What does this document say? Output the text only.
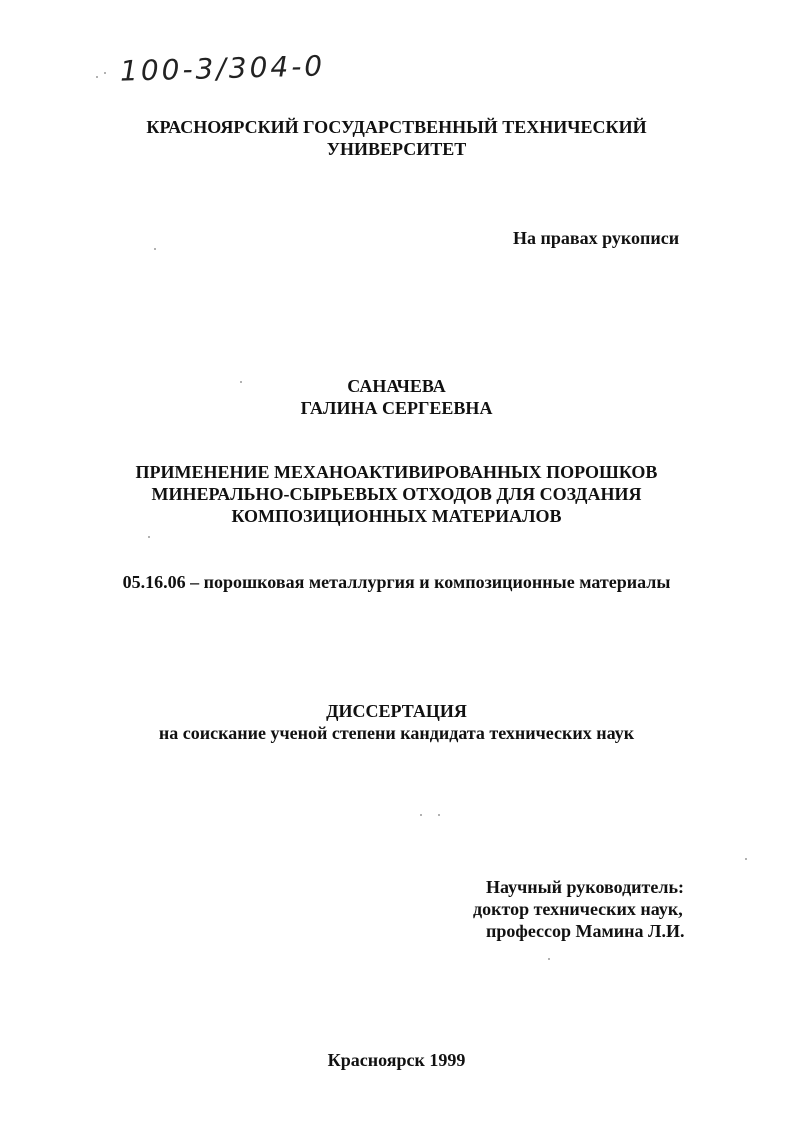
100-3/304-0
КРАСНОЯРСКИЙ ГОСУДАРСТВЕННЫЙ ТЕХНИЧЕСКИЙ
УНИВЕРСИТЕТ
На правах рукописи
САНАЧЕВА
ГАЛИНА СЕРГЕЕВНА
ПРИМЕНЕНИЕ МЕХАНОАКТИВИРОВАННЫХ ПОРОШКОВ
МИНЕРАЛЬНО-СЫРЬЕВЫХ ОТХОДОВ ДЛЯ СОЗДАНИЯ
КОМПОЗИЦИОННЫХ МАТЕРИАЛОВ
05.16.06 – порошковая металлургия и композиционные материалы
ДИССЕРТАЦИЯ
на соискание ученой степени кандидата технических наук
Научный руководитель:
доктор технических наук,
профессор Мамина Л.И.
Красноярск 1999
